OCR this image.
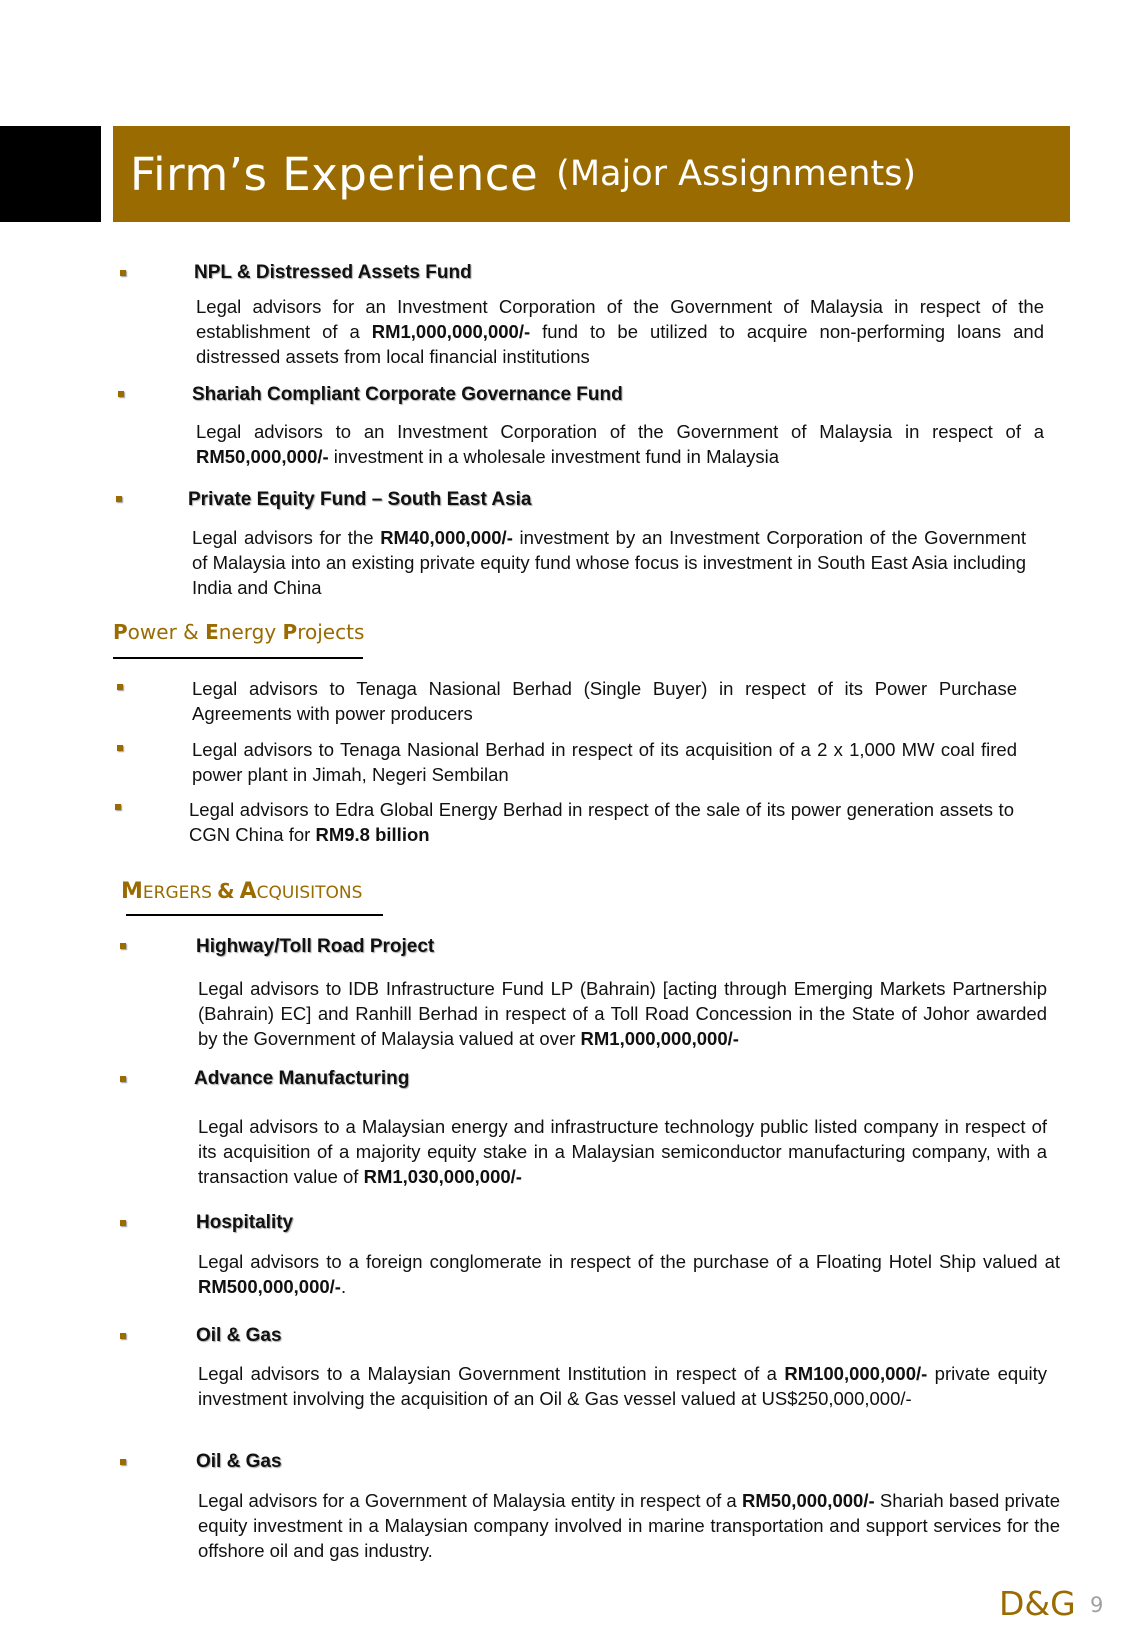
Firm’s Experience (Major Assignments)
NPL & Distressed Assets Fund
Legal advisors for an Investment Corporation of the Government of Malaysia in respect of the establishment of a RM1,000,000,000/- fund to be utilized to acquire non-performing loans and distressed assets from local financial institutions
Shariah Compliant Corporate Governance Fund
Legal advisors to an Investment Corporation of the Government of Malaysia in respect of a RM50,000,000/- investment in a wholesale investment fund in Malaysia
Private Equity Fund – South East Asia
Legal advisors for the RM40,000,000/- investment by an Investment Corporation of the Government of Malaysia into an existing private equity fund whose focus is investment in South East Asia including India and China
Power & Energy Projects
Legal advisors to Tenaga Nasional Berhad (Single Buyer) in respect of its Power Purchase Agreements with power producers
Legal advisors to Tenaga Nasional Berhad in respect of its acquisition of a 2 x 1,000 MW coal fired power plant in Jimah, Negeri Sembilan
Legal advisors to Edra Global Energy Berhad in respect of the sale of its power generation assets to CGN China for RM9.8 billion
MERGERS & ACQUISITONS
Highway/Toll Road Project
Legal advisors to IDB Infrastructure Fund LP (Bahrain) [acting through Emerging Markets Partnership (Bahrain) EC] and Ranhill Berhad in respect of a Toll Road Concession in the State of Johor awarded by the Government of Malaysia valued at over RM1,000,000,000/-
Advance Manufacturing
Legal advisors to a Malaysian energy and infrastructure technology public listed company in respect of its acquisition of a majority equity stake in a Malaysian semiconductor manufacturing company, with a transaction value of RM1,030,000,000/-
Hospitality
Legal advisors to a foreign conglomerate in respect of the purchase of a Floating Hotel Ship valued at RM500,000,000/-.
Oil & Gas
Legal advisors to a Malaysian Government Institution in respect of a RM100,000,000/- private equity investment involving the acquisition of an Oil & Gas vessel valued at US$250,000,000/-
Oil & Gas
Legal advisors for a Government of Malaysia entity in respect of a RM50,000,000/- Shariah based private equity investment in a Malaysian company involved in marine transportation and support services for the offshore oil and gas industry.
D&G 9
